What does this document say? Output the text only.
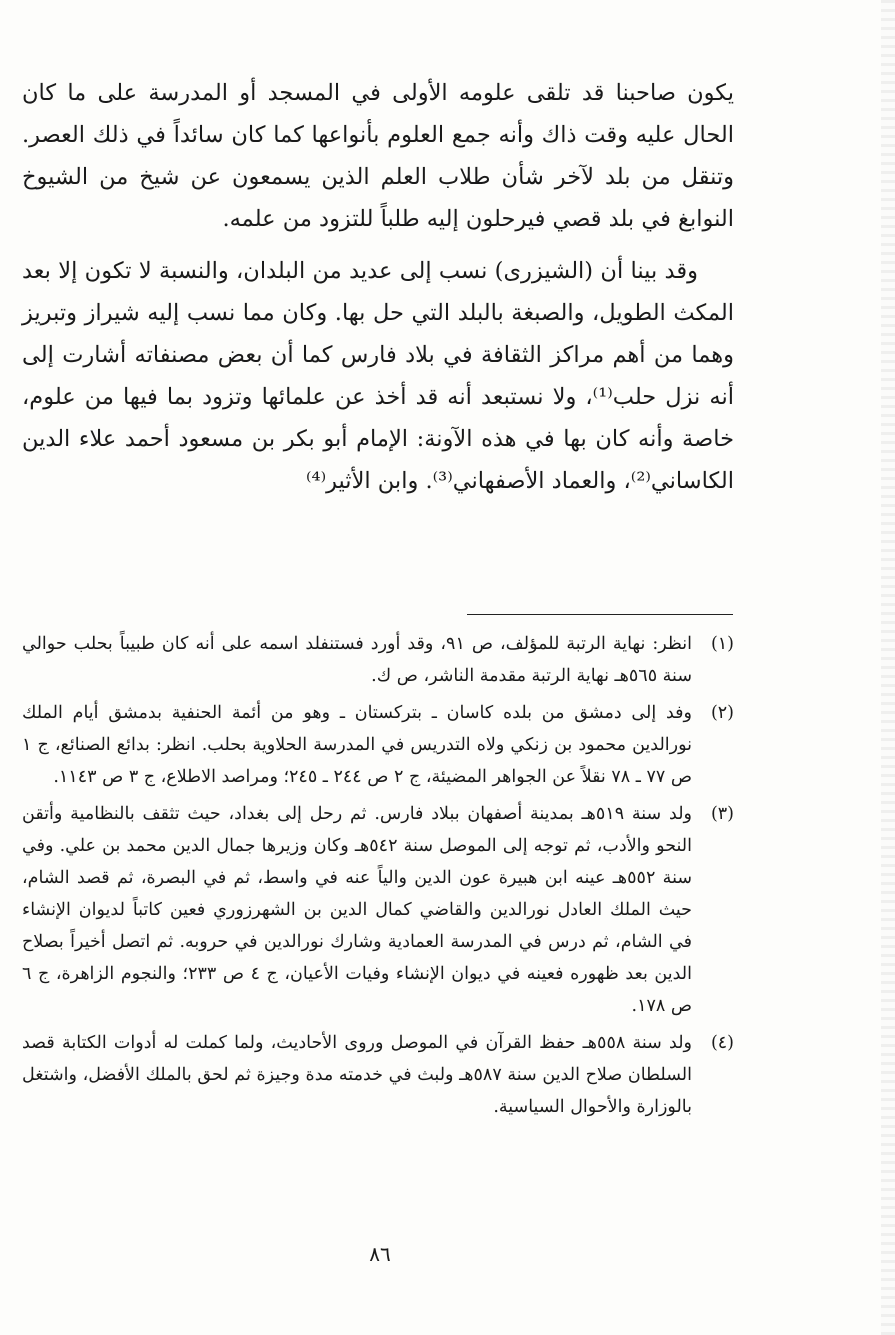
يكون صاحبنا قد تلقى علومه الأولى في المسجد أو المدرسة على ما كان الحال عليه وقت ذاك وأنه جمع العلوم بأنواعها كما كان سائداً في ذلك العصر. وتنقل من بلد لآخر شأن طلاب العلم الذين يسمعون عن شيخ من الشيوخ النوابغ في بلد قصي فيرحلون إليه طلباً للتزود من علمه.

وقد بينا أن (الشيزرى) نسب إلى عديد من البلدان، والنسبة لا تكون إلا بعد المكث الطويل، والصبغة بالبلد التي حل بها. وكان مما نسب إليه شيراز وتبريز وهما من أهم مراكز الثقافة في بلاد فارس كما أن بعض مصنفاته أشارت إلى أنه نزل حلب⁽¹⁾، ولا نستبعد أنه قد أخذ عن علمائها وتزود بما فيها من علوم، خاصة وأنه كان بها في هذه الآونة: الإمام أبو بكر بن مسعود أحمد علاء الدين الكاساني⁽²⁾، والعماد الأصفهاني⁽³⁾. وابن الأثير⁽⁴⁾

(١)
انظر: نهاية الرتبة للمؤلف، ص ٩١، وقد أورد فستنفلد اسمه على أنه كان طبيباً بحلب حوالي سنة ٥٦٥هـ نهاية الرتبة مقدمة الناشر، ص ك.
(٢)
وفد إلى دمشق من بلده كاسان ـ بتركستان ـ وهو من أئمة الحنفية بدمشق أيام الملك نورالدين محمود بن زنكي ولاه التدريس في المدرسة الحلاوية بحلب. انظر: بدائع الصنائع، ج ١ ص ٧٧ ـ ٧٨ نقلاً عن الجواهر المضيئة، ج ٢ ص ٢٤٤ ـ ٢٤٥؛ ومراصد الاطلاع، ج ٣ ص ١١٤٣.
(٣)
ولد سنة ٥١٩هـ بمدينة أصفهان ببلاد فارس. ثم رحل إلى بغداد، حيث تثقف بالنظامية وأتقن النحو والأدب، ثم توجه إلى الموصل سنة ٥٤٢هـ وكان وزيرها جمال الدين محمد بن علي. وفي سنة ٥٥٢هـ عينه ابن هبيرة عون الدين والياً عنه في واسط، ثم في البصرة، ثم قصد الشام، حيث الملك العادل نورالدين والقاضي كمال الدين بن الشهرزوري فعين كاتباً لديوان الإنشاء في الشام، ثم درس في المدرسة العمادية وشارك نورالدين في حروبه. ثم اتصل أخيراً بصلاح الدين بعد ظهوره فعينه في ديوان الإنشاء وفيات الأعيان، ج ٤ ص ٢٣٣؛ والنجوم الزاهرة، ج ٦ ص ١٧٨.
(٤)
ولد سنة ٥٥٨هـ حفظ القرآن في الموصل وروى الأحاديث، ولما كملت له أدوات الكتابة قصد السلطان صلاح الدين سنة ٥٨٧هـ ولبث في خدمته مدة وجيزة ثم لحق بالملك الأفضل، واشتغل بالوزارة والأحوال السياسية.
٨٦
